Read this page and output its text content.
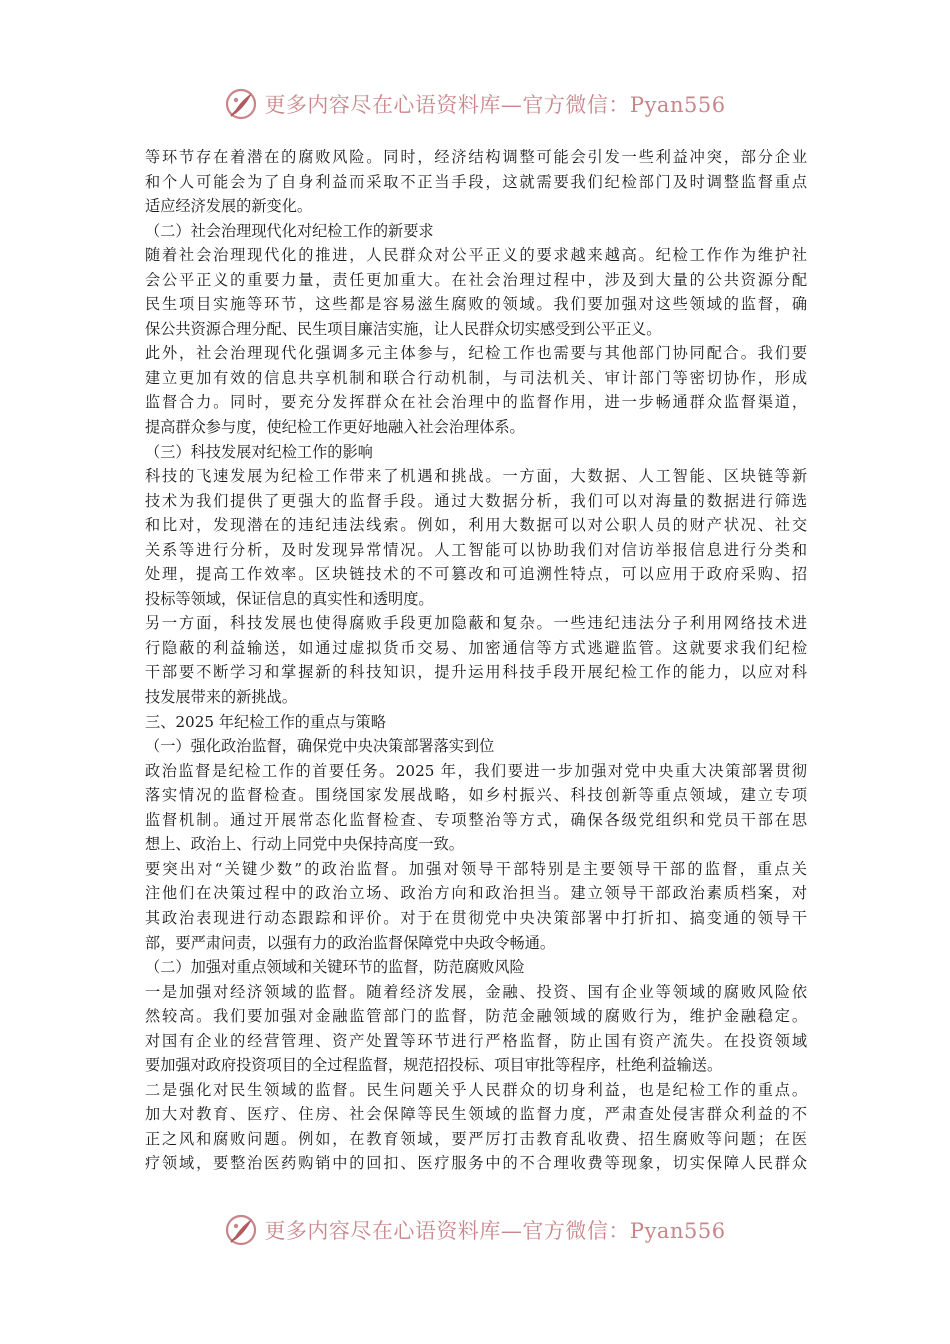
更多内容尽在心语资料库—官方微信：Pyan556
等环节存在着潜在的腐败风险。同时，经济结构调整可能会引发一些利益冲突，部分企业
和个人可能会为了自身利益而采取不正当手段，这就需要我们纪检部门及时调整监督重点
适应经济发展的新变化。
（二）社会治理现代化对纪检工作的新要求
随着社会治理现代化的推进，人民群众对公平正义的要求越来越高。纪检工作作为维护社
会公平正义的重要力量，责任更加重大。在社会治理过程中，涉及到大量的公共资源分配
民生项目实施等环节，这些都是容易滋生腐败的领域。我们要加强对这些领域的监督，确
保公共资源合理分配、民生项目廉洁实施，让人民群众切实感受到公平正义。
此外，社会治理现代化强调多元主体参与，纪检工作也需要与其他部门协同配合。我们要
建立更加有效的信息共享机制和联合行动机制，与司法机关、审计部门等密切协作，形成
监督合力。同时，要充分发挥群众在社会治理中的监督作用，进一步畅通群众监督渠道，
提高群众参与度，使纪检工作更好地融入社会治理体系。
（三）科技发展对纪检工作的影响
科技的飞速发展为纪检工作带来了机遇和挑战。一方面，大数据、人工智能、区块链等新
技术为我们提供了更强大的监督手段。通过大数据分析，我们可以对海量的数据进行筛选
和比对，发现潜在的违纪违法线索。例如，利用大数据可以对公职人员的财产状况、社交
关系等进行分析，及时发现异常情况。人工智能可以协助我们对信访举报信息进行分类和
处理，提高工作效率。区块链技术的不可篡改和可追溯性特点，可以应用于政府采购、招
投标等领域，保证信息的真实性和透明度。
另一方面，科技发展也使得腐败手段更加隐蔽和复杂。一些违纪违法分子利用网络技术进
行隐蔽的利益输送，如通过虚拟货币交易、加密通信等方式逃避监管。这就要求我们纪检
干部要不断学习和掌握新的科技知识，提升运用科技手段开展纪检工作的能力，以应对科
技发展带来的新挑战。
三、2025 年纪检工作的重点与策略
（一）强化政治监督，确保党中央决策部署落实到位
政治监督是纪检工作的首要任务。2025 年，我们要进一步加强对党中央重大决策部署贯彻
落实情况的监督检查。围绕国家发展战略，如乡村振兴、科技创新等重点领域，建立专项
监督机制。通过开展常态化监督检查、专项整治等方式，确保各级党组织和党员干部在思
想上、政治上、行动上同党中央保持高度一致。
要突出对“关键少数”的政治监督。加强对领导干部特别是主要领导干部的监督，重点关
注他们在决策过程中的政治立场、政治方向和政治担当。建立领导干部政治素质档案，对
其政治表现进行动态跟踪和评价。对于在贯彻党中央决策部署中打折扣、搞变通的领导干
部，要严肃问责，以强有力的政治监督保障党中央政令畅通。
（二）加强对重点领域和关键环节的监督，防范腐败风险
一是加强对经济领域的监督。随着经济发展，金融、投资、国有企业等领域的腐败风险依
然较高。我们要加强对金融监管部门的监督，防范金融领域的腐败行为，维护金融稳定。
对国有企业的经营管理、资产处置等环节进行严格监督，防止国有资产流失。在投资领域
要加强对政府投资项目的全过程监督，规范招投标、项目审批等程序，杜绝利益输送。
二是强化对民生领域的监督。民生问题关乎人民群众的切身利益，也是纪检工作的重点。
加大对教育、医疗、住房、社会保障等民生领域的监督力度，严肃查处侵害群众利益的不
正之风和腐败问题。例如，在教育领域，要严厉打击教育乱收费、招生腐败等问题；在医
疗领域，要整治医药购销中的回扣、医疗服务中的不合理收费等现象，切实保障人民群众
更多内容尽在心语资料库—官方微信：Pyan556
